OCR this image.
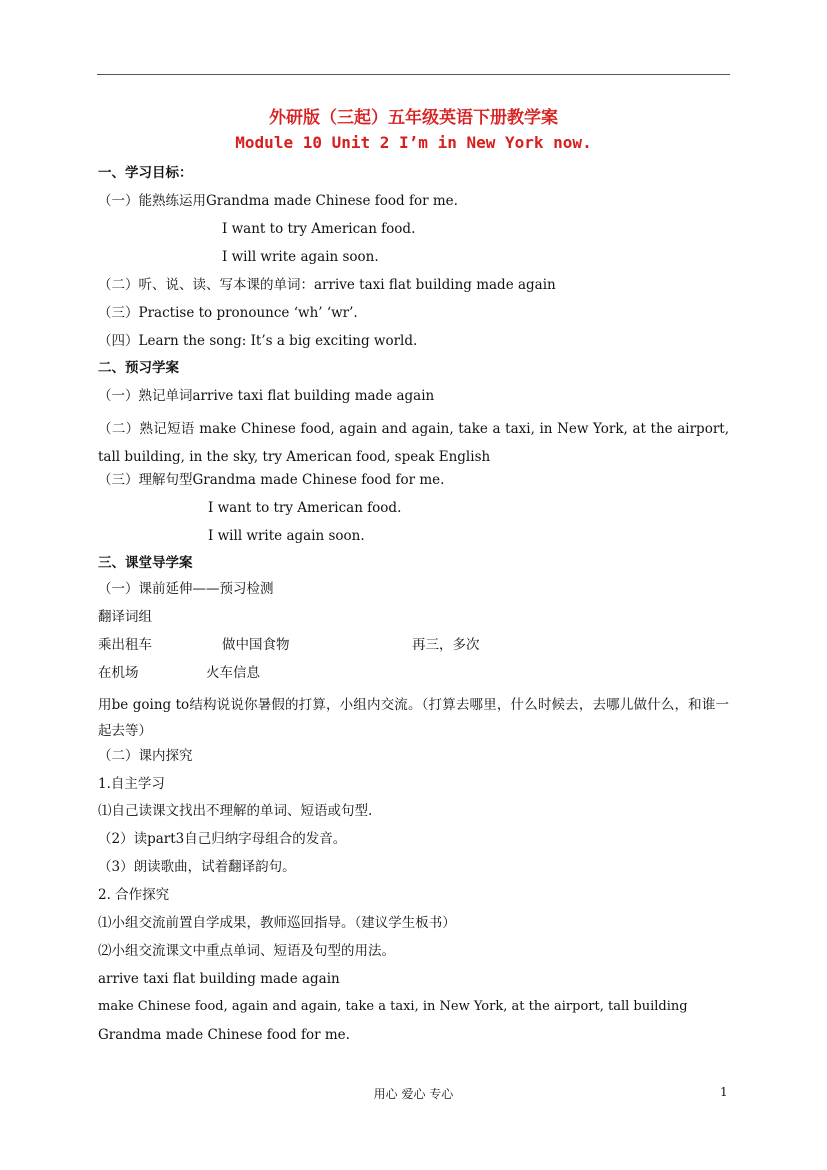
外研版（三起）五年级英语下册教学案
Module 10 Unit 2 I’m in New York now.
一、学习目标：
（一）能熟练运用Grandma made Chinese food for me.
I want to try American food.
I will write again soon.
（二）听、说、读、写本课的单词：arrive taxi flat building made again
（三）Practise to pronounce ‘wh’ ‘wr’.
（四）Learn the song: It’s a big exciting world.
二、预习学案
（一）熟记单词arrive taxi flat building made again
（二）熟记短语 make Chinese food, again and again, take a taxi, in New York, at the airport, tall building, in the sky, try American food, speak English
（三）理解句型Grandma made Chinese food for me.
I want to try American food.
I will write again soon.
三、课堂导学案
（一）课前延伸——预习检测
翻译词组
乘出租车	做中国食物	再三，多次
在机场	火车信息
用be going to结构说说你暑假的打算，小组内交流。（打算去哪里，什么时候去，去哪儿做什么，和谁一起去等）
（二）课内探究
1.自主学习
⑴自己读课文找出不理解的单词、短语或句型.
（2）读part3自己归纳字母组合的发音。
（3）朗读歌曲，试着翻译韵句。
2. 合作探究
⑴小组交流前置自学成果，教师巡回指导。（建议学生板书）
⑵小组交流课文中重点单词、短语及句型的用法。
arrive taxi flat building made again
make Chinese food, again and again, take a taxi, in New York, at the airport, tall building
Grandma made Chinese food for me.
用心 爱心 专心	1
